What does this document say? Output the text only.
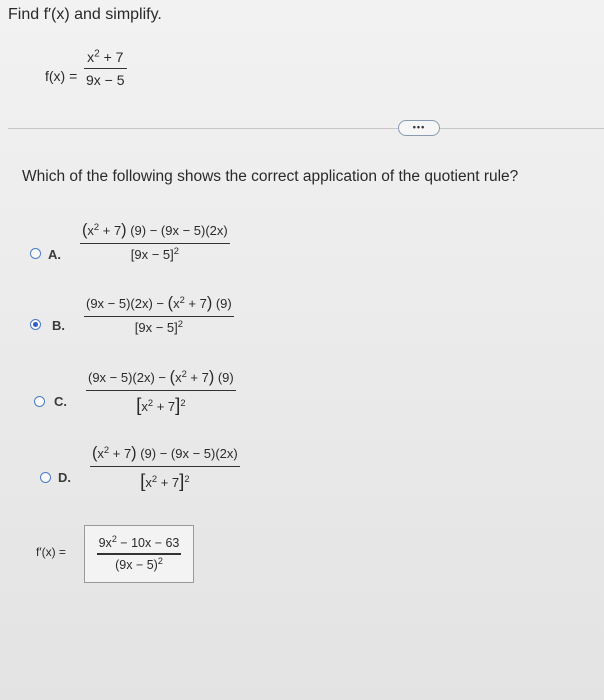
Find f′(x) and simplify.
$f(x) = \frac{x^2 + 7}{9x - 5}$
•••
Which of the following shows the correct application of the quotient rule?
A. $\frac{(x^2 + 7) (9) - (9x - 5)(2x)}{[9x - 5]^2}$
B. $\frac{(9x - 5)(2x) - (x^2 + 7) (9)}{[9x - 5]^2}$
C. $\frac{(9x - 5)(2x) - (x^2 + 7) (9)}{[x^2 + 7]^2}$
D. $\frac{(x^2 + 7) (9) - (9x - 5)(2x)}{[x^2 + 7]^2}$
$f'(x) = \frac{9x^2 - 10x - 63}{(9x - 5)^2}$
